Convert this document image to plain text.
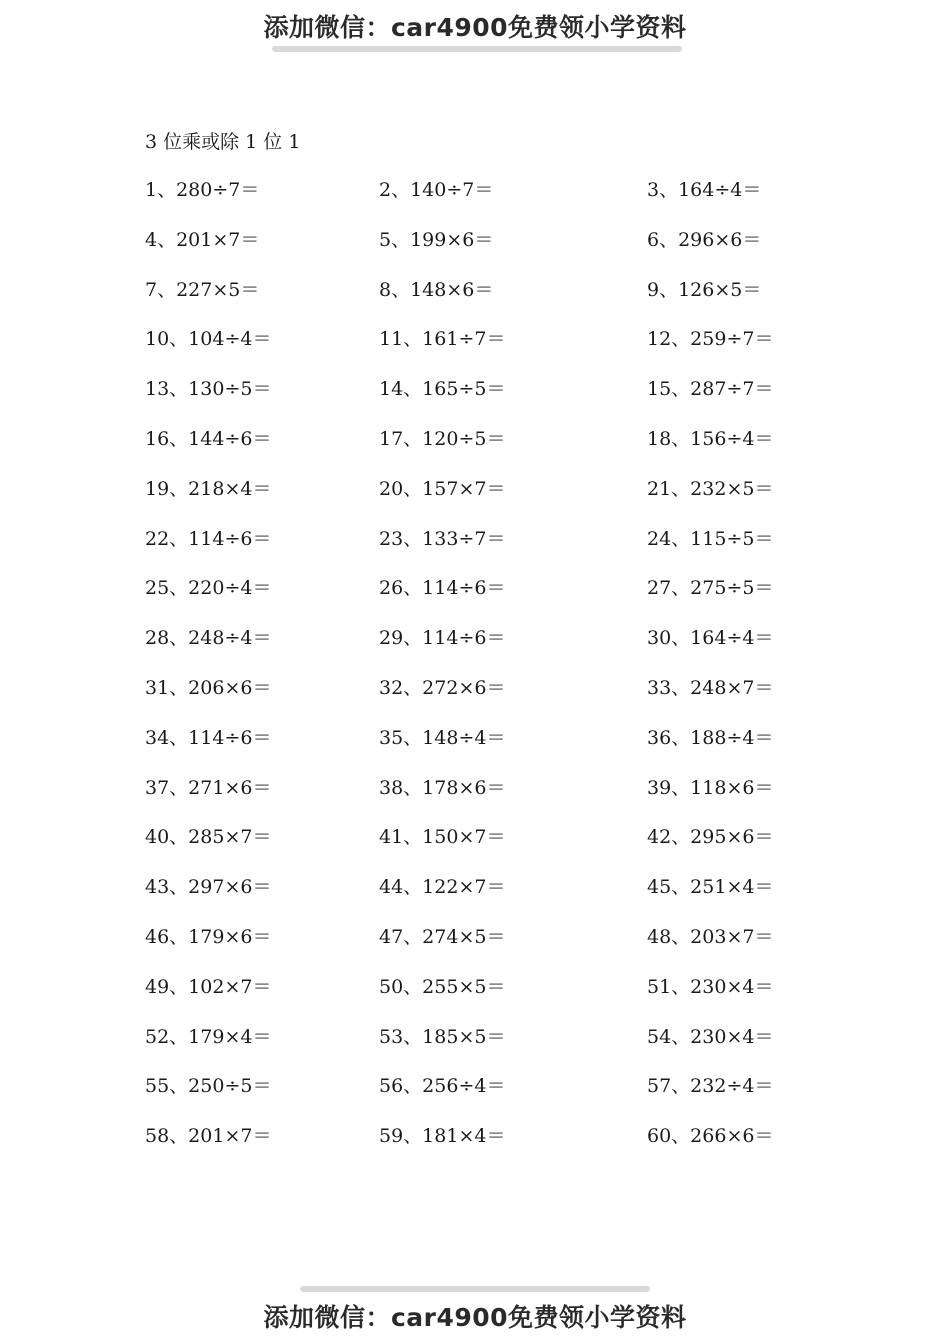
添加微信：car4900免费领小学资料
3 位乘或除 1 位 1
1、280÷7＝	2、140÷7＝	3、164÷4＝
4、201×7＝	5、199×6＝	6、296×6＝
7、227×5＝	8、148×6＝	9、126×5＝
10、104÷4＝	11、161÷7＝	12、259÷7＝
13、130÷5＝	14、165÷5＝	15、287÷7＝
16、144÷6＝	17、120÷5＝	18、156÷4＝
19、218×4＝	20、157×7＝	21、232×5＝
22、114÷6＝	23、133÷7＝	24、115÷5＝
25、220÷4＝	26、114÷6＝	27、275÷5＝
28、248÷4＝	29、114÷6＝	30、164÷4＝
31、206×6＝	32、272×6＝	33、248×7＝
34、114÷6＝	35、148÷4＝	36、188÷4＝
37、271×6＝	38、178×6＝	39、118×6＝
40、285×7＝	41、150×7＝	42、295×6＝
43、297×6＝	44、122×7＝	45、251×4＝
46、179×6＝	47、274×5＝	48、203×7＝
49、102×7＝	50、255×5＝	51、230×4＝
52、179×4＝	53、185×5＝	54、230×4＝
55、250÷5＝	56、256÷4＝	57、232÷4＝
58、201×7＝	59、181×4＝	60、266×6＝
添加微信：car4900免费领小学资料
